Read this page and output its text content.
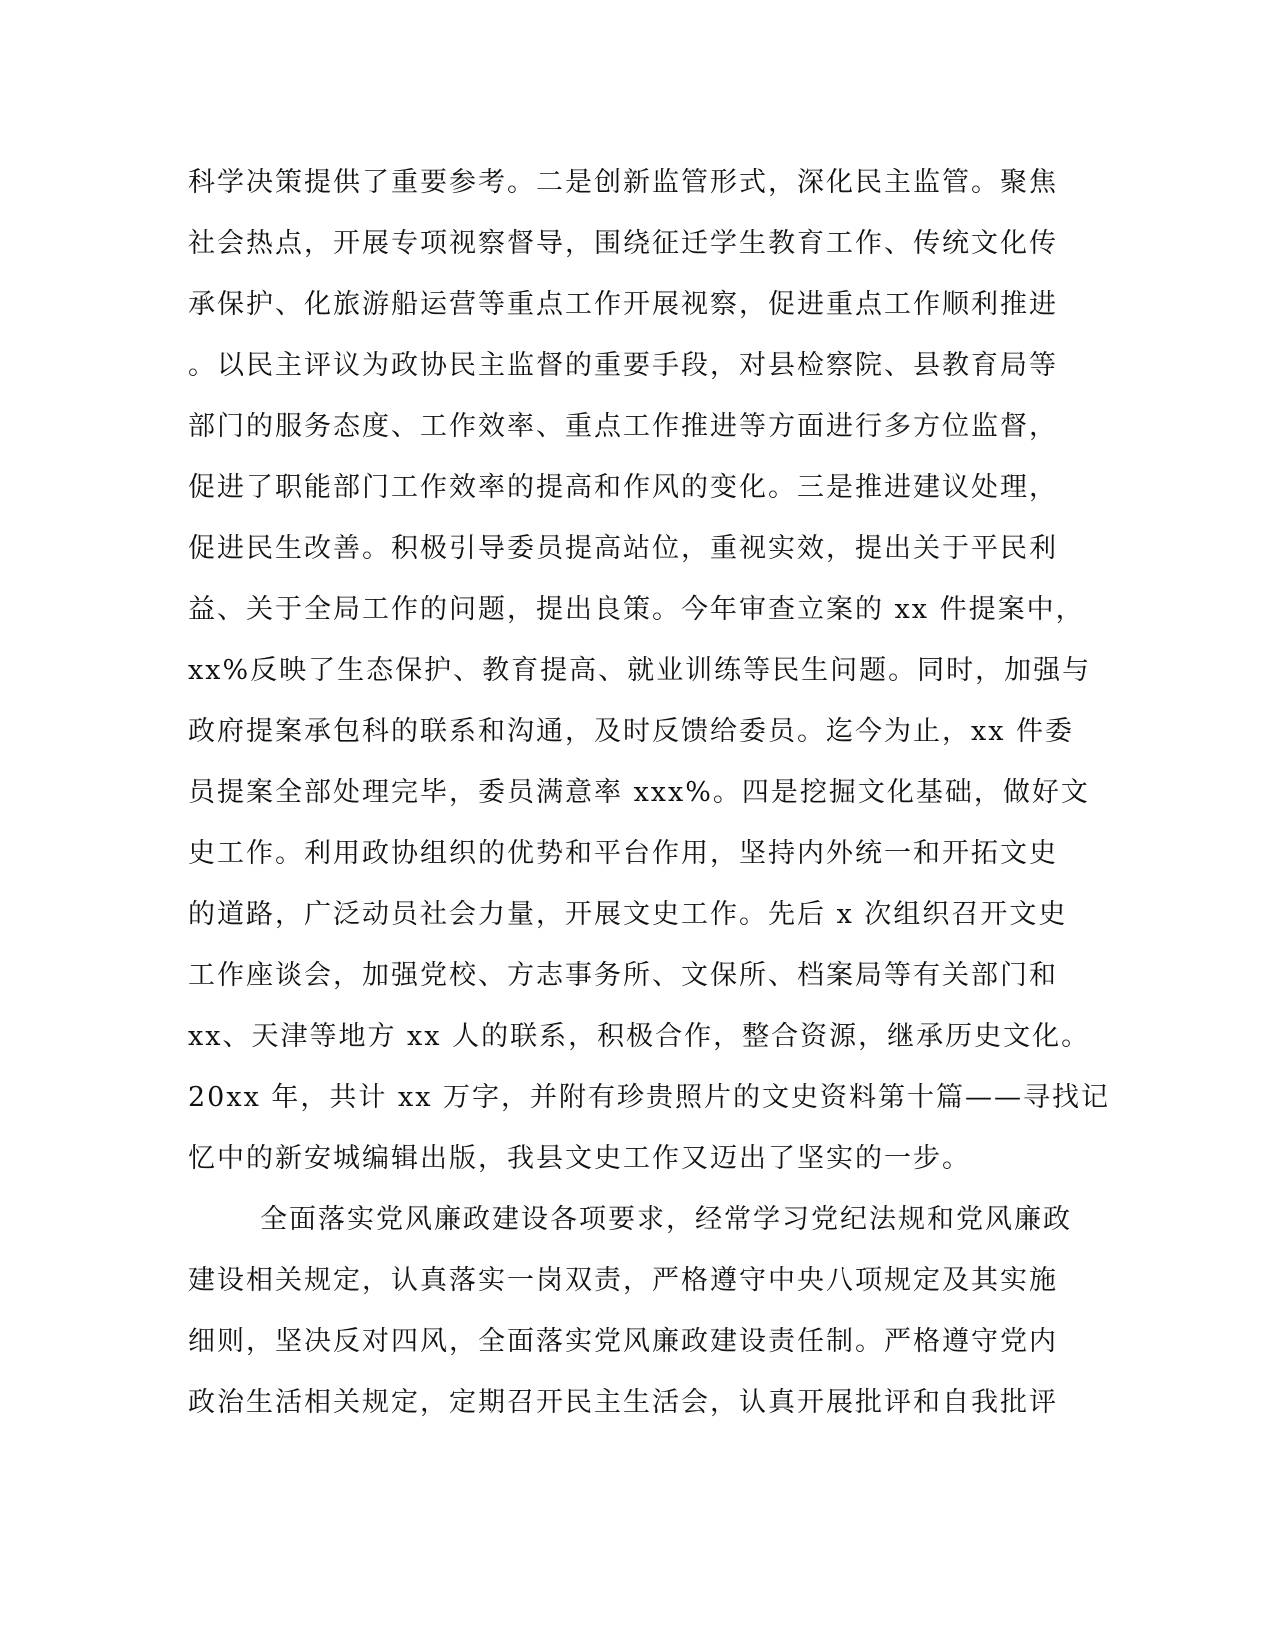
科学决策提供了重要参考。二是创新监管形式，深化民主监管。聚焦
社会热点，开展专项视察督导，围绕征迁学生教育工作、传统文化传
承保护、化旅游船运营等重点工作开展视察，促进重点工作顺利推进
。以民主评议为政协民主监督的重要手段，对县检察院、县教育局等
部门的服务态度、工作效率、重点工作推进等方面进行多方位监督，
促进了职能部门工作效率的提高和作风的变化。三是推进建议处理，
促进民生改善。积极引导委员提高站位，重视实效，提出关于平民利
益、关于全局工作的问题，提出良策。今年审查立案的 xx 件提案中，
xx%反映了生态保护、教育提高、就业训练等民生问题。同时，加强与
政府提案承包科的联系和沟通，及时反馈给委员。迄今为止，xx 件委
员提案全部处理完毕，委员满意率 xxx%。四是挖掘文化基础，做好文
史工作。利用政协组织的优势和平台作用，坚持内外统一和开拓文史
的道路，广泛动员社会力量，开展文史工作。先后 x 次组织召开文史
工作座谈会，加强党校、方志事务所、文保所、档案局等有关部门和
xx、天津等地方 xx 人的联系，积极合作，整合资源，继承历史文化。
20xx 年，共计 xx 万字，并附有珍贵照片的文史资料第十篇——寻找记
忆中的新安城编辑出版，我县文史工作又迈出了坚实的一步。
全面落实党风廉政建设各项要求，经常学习党纪法规和党风廉政
建设相关规定，认真落实一岗双责，严格遵守中央八项规定及其实施
细则，坚决反对四风，全面落实党风廉政建设责任制。严格遵守党内
政治生活相关规定，定期召开民主生活会，认真开展批评和自我批评
